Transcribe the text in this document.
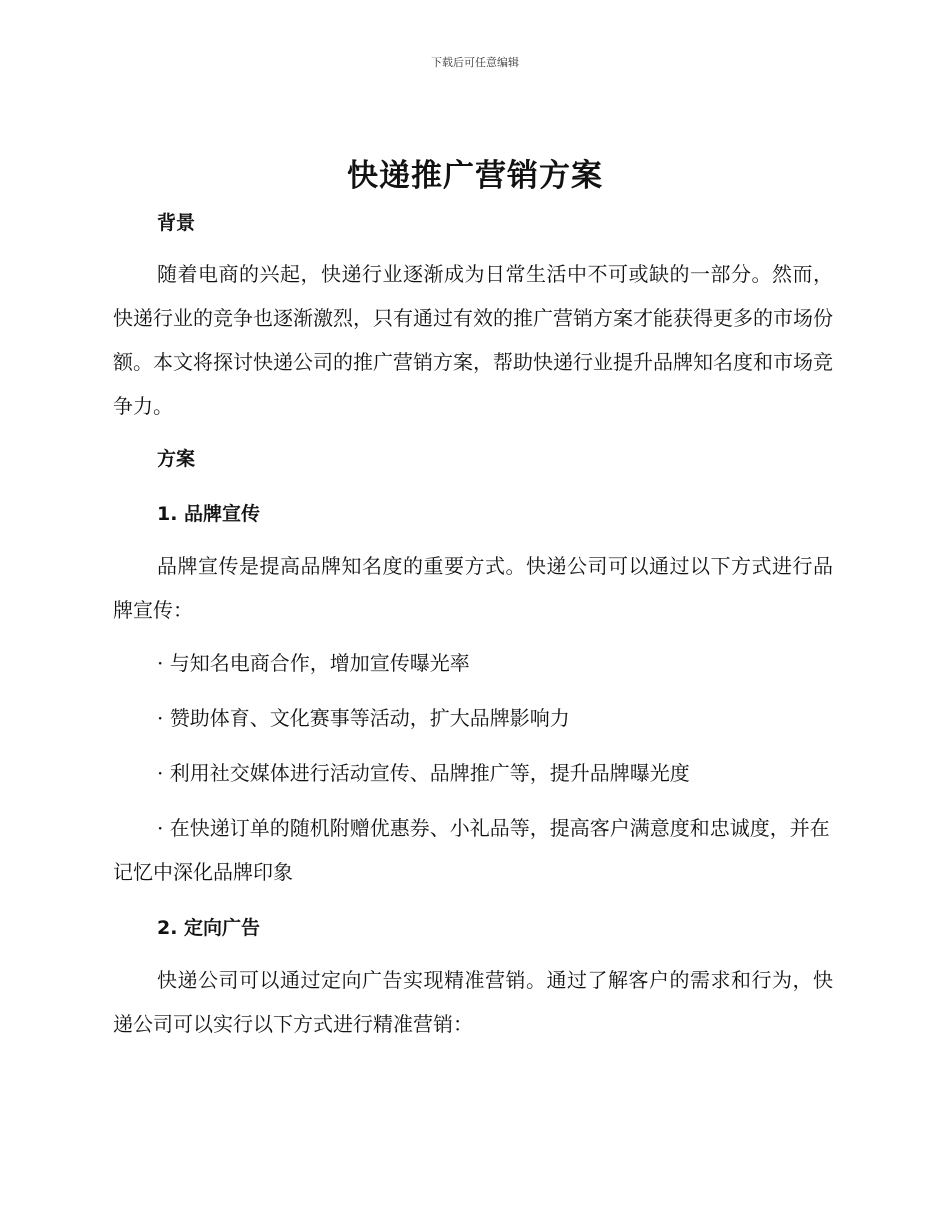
下载后可任意编辑
快递推广营销方案
背景
随着电商的兴起，快递行业逐渐成为日常生活中不可或缺的一部分。然而，快递行业的竞争也逐渐激烈，只有通过有效的推广营销方案才能获得更多的市场份额。本文将探讨快递公司的推广营销方案，帮助快递行业提升品牌知名度和市场竞争力。
方案
1. 品牌宣传
品牌宣传是提高品牌知名度的重要方式。快递公司可以通过以下方式进行品牌宣传：
· 与知名电商合作，增加宣传曝光率
· 赞助体育、文化赛事等活动，扩大品牌影响力
· 利用社交媒体进行活动宣传、品牌推广等，提升品牌曝光度
· 在快递订单的随机附赠优惠券、小礼品等，提高客户满意度和忠诚度，并在记忆中深化品牌印象
2. 定向广告
快递公司可以通过定向广告实现精准营销。通过了解客户的需求和行为，快递公司可以实行以下方式进行精准营销：
